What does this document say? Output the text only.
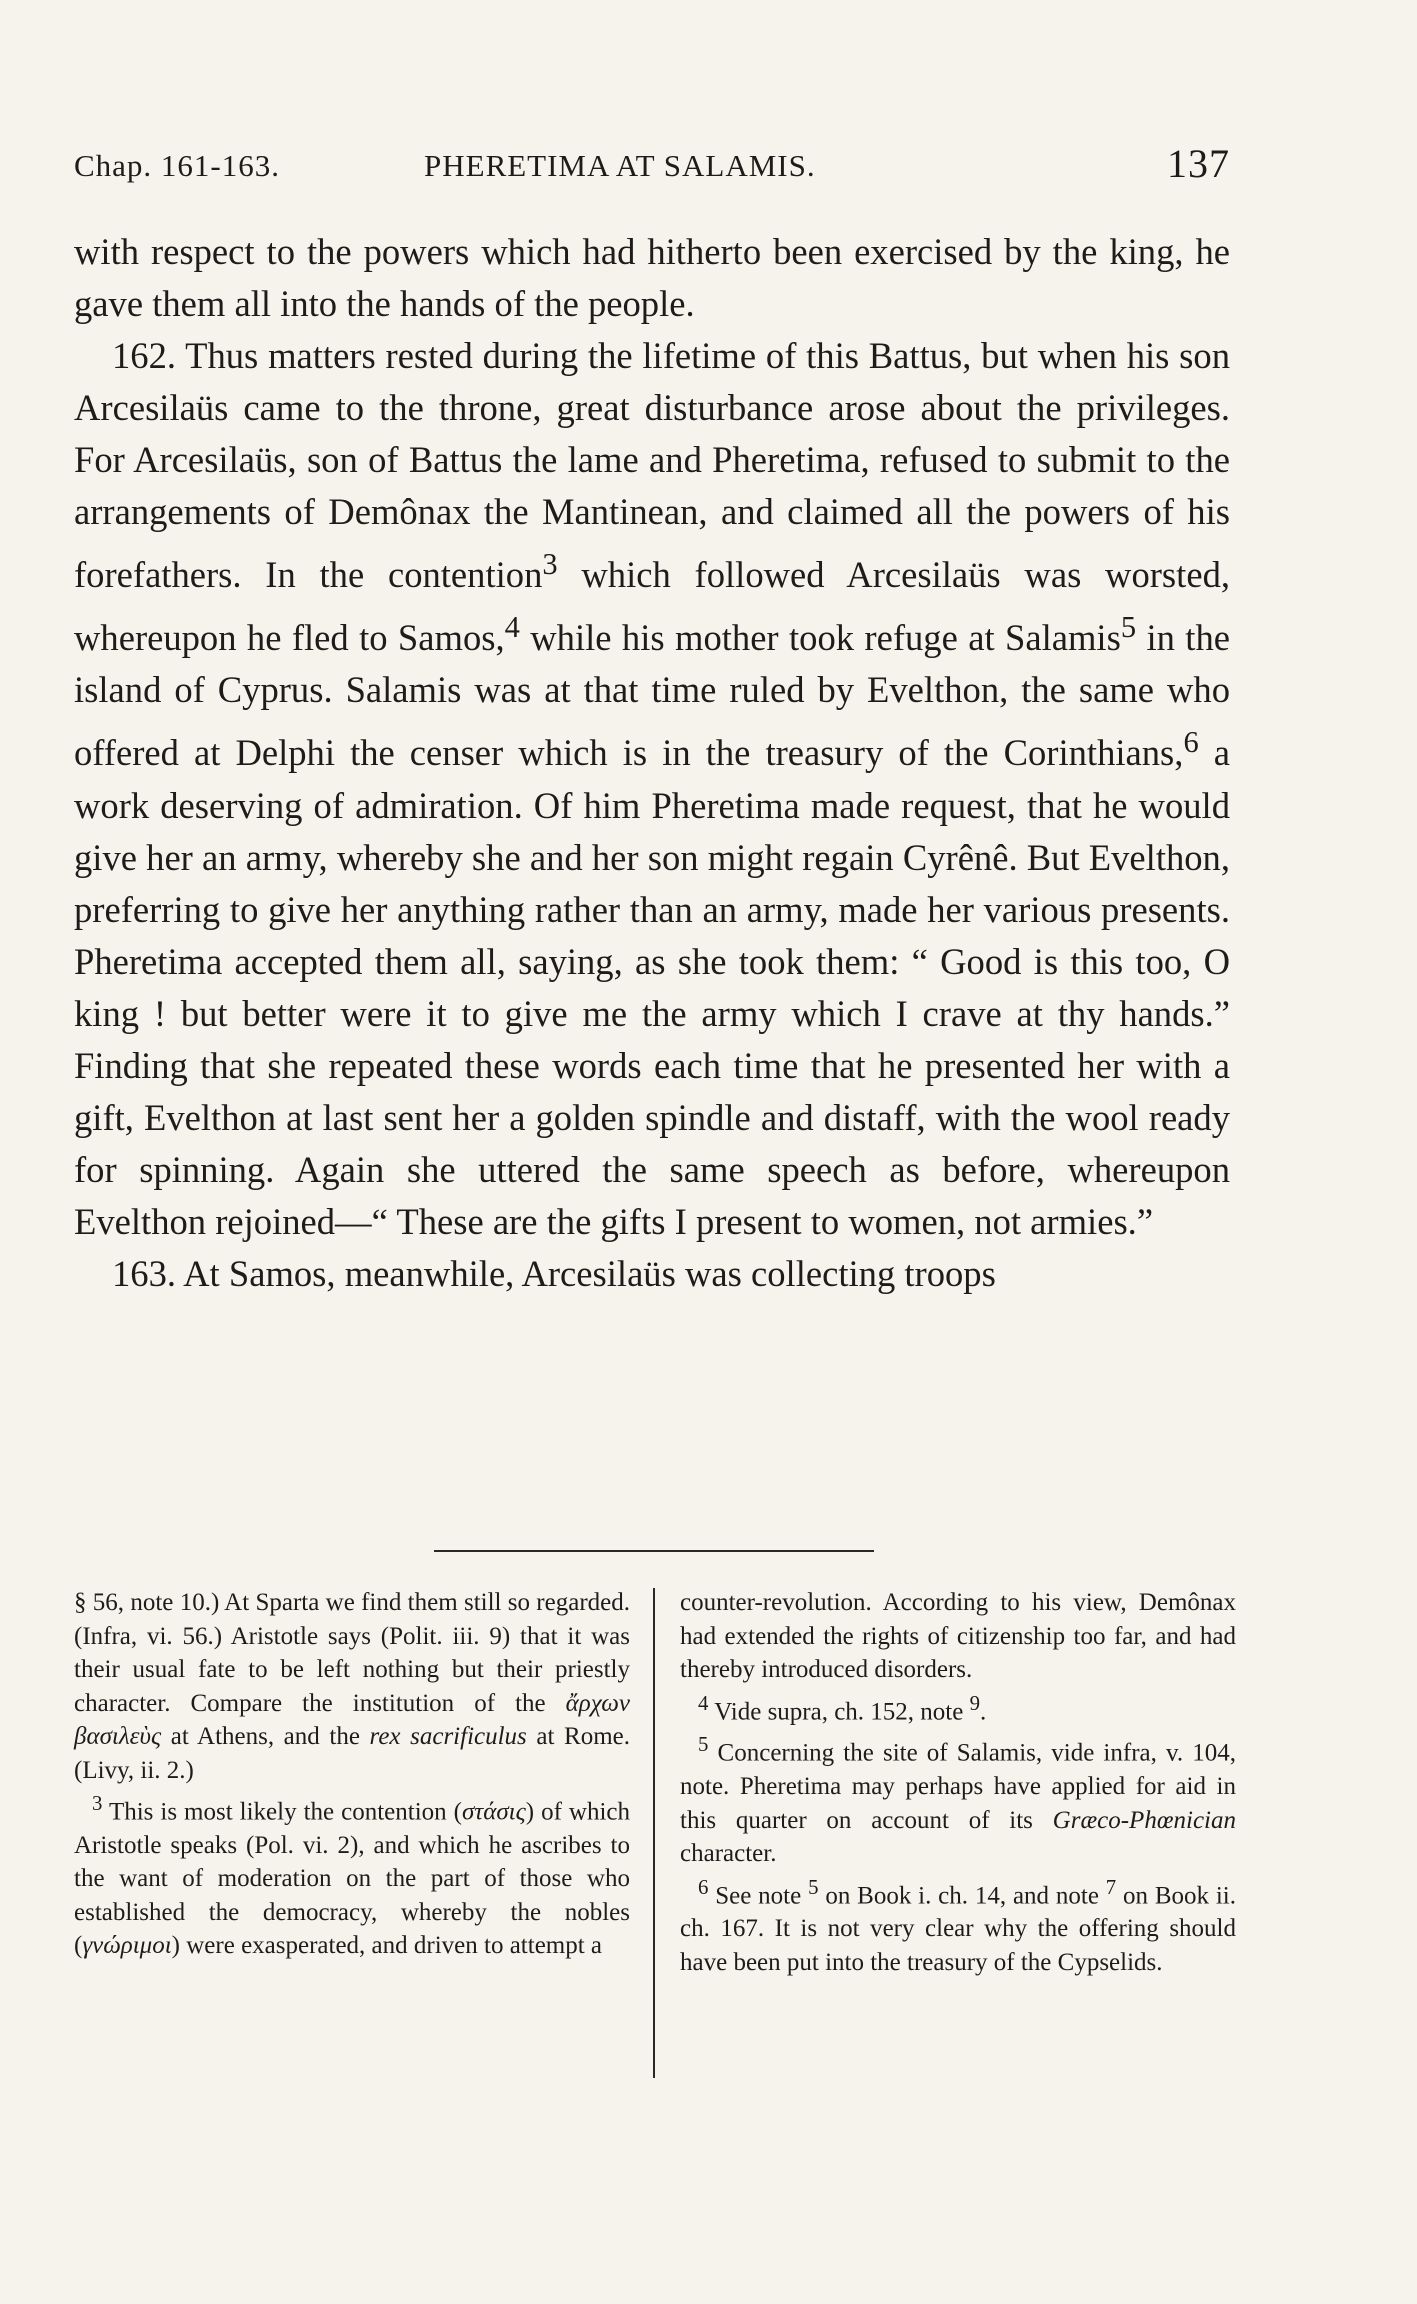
Chap. 161-163.	PHERETIMA AT SALAMIS.	137

with respect to the powers which had hitherto been exercised by the king, he gave them all into the hands of the people.

162. Thus matters rested during the lifetime of this Battus, but when his son Arcesilaüs came to the throne, great disturbance arose about the privileges. For Arcesilaüs, son of Battus the lame and Pheretima, refused to submit to the arrangements of Demônax the Mantinean, and claimed all the powers of his forefathers. In the contention$^3$ which followed Arcesilaüs was worsted, whereupon he fled to Samos,$^4$ while his mother took refuge at Salamis$^5$ in the island of Cyprus. Salamis was at that time ruled by Evelthon, the same who offered at Delphi the censer which is in the treasury of the Corinthians,$^6$ a work deserving of admiration. Of him Pheretima made request, that he would give her an army, whereby she and her son might regain Cyrênê. But Evelthon, preferring to give her anything rather than an army, made her various presents. Pheretima accepted them all, saying, as she took them: “ Good is this too, O king ! but better were it to give me the army which I crave at thy hands.” Finding that she repeated these words each time that he presented her with a gift, Evelthon at last sent her a golden spindle and distaff, with the wool ready for spinning. Again she uttered the same speech as before, whereupon Evelthon rejoined—“ These are the gifts I present to women, not armies.”

163. At Samos, meanwhile, Arcesilaüs was collecting troops

§ 56, note 10.) At Sparta we find them still so regarded. (Infra, vi. 56.) Aristotle says (Polit. iii. 9) that it was their usual fate to be left nothing but their priestly character. Compare the institution of the ἄρχων βασιλεὺς at Athens, and the rex sacrificulus at Rome. (Livy, ii. 2.)

$^3$ This is most likely the contention (στάσις) of which Aristotle speaks (Pol. vi. 2), and which he ascribes to the want of moderation on the part of those who established the democracy, whereby the nobles (γνώριμοι) were exasperated, and driven to attempt a

counter-revolution. According to his view, Demônax had extended the rights of citizenship too far, and had thereby introduced disorders.

$^4$ Vide supra, ch. 152, note $^9$.

$^5$ Concerning the site of Salamis, vide infra, v. 104, note. Pheretima may perhaps have applied for aid in this quarter on account of its Græco-Phœnician character.

$^6$ See note $^5$ on Book i. ch. 14, and note $^7$ on Book ii. ch. 167. It is not very clear why the offering should have been put into the treasury of the Cypselids.
